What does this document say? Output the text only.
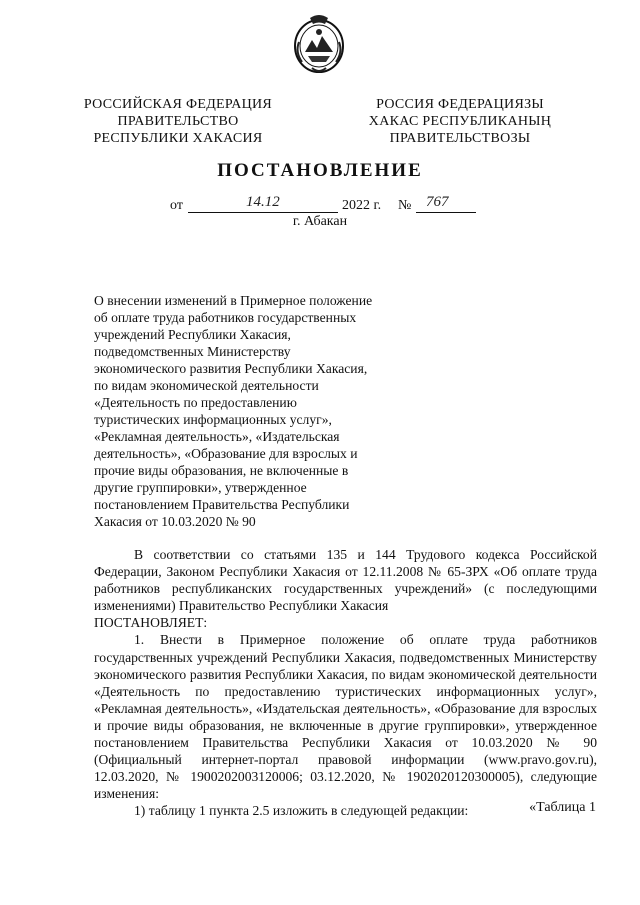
РОССИЙСКАЯ ФЕДЕРАЦИЯ
ПРАВИТЕЛЬСТВО
РЕСПУБЛИКИ ХАКАСИЯ
РОССИЯ ФЕДЕРАЦИЯЗЫ
ХАКАС РЕСПУБЛИКАНЫҢ
ПРАВИТЕЛЬСТВОЗЫ
ПОСТАНОВЛЕНИЕ
от	14.12	2022 г. № 767
г. Абакан
О внесении изменений в Примерное положение
об оплате труда работников государственных
учреждений Республики Хакасия,
подведомственных Министерству
экономического развития Республики Хакасия,
по видам экономической деятельности
«Деятельность по предоставлению
туристических информационных услуг»,
«Рекламная деятельность», «Издательская
деятельность», «Образование для взрослых и
прочие виды образования, не включенные в
другие группировки», утвержденное
постановлением Правительства Республики
Хакасия от 10.03.2020 № 90

В соответствии со статьями 135 и 144 Трудового кодекса Российской Федерации, Законом Республики Хакасия от 12.11.2008 № 65-ЗРХ «Об оплате труда работников республиканских государственных учреждений» (с последующими изменениями) Правительство Республики Хакасия

ПОСТАНОВЛЯЕТ:

1. Внести в Примерное положение об оплате труда работников государственных учреждений Республики Хакасия, подведомственных Министерству экономического развития Республики Хакасия, по видам экономической деятельности «Деятельность по предоставлению туристических информационных услуг», «Рекламная деятельность», «Издательская деятельность», «Образование для взрослых и прочие виды образования, не включенные в другие группировки», утвержденное постановлением Правительства Республики Хакасия от 10.03.2020 № 90 (Официальный интернет-портал правовой информации (www.pravo.gov.ru), 12.03.2020, № 1900202003120006; 03.12.2020, № 1902020120300005), следующие изменения:

1) таблицу 1 пункта 2.5 изложить в следующей редакции:	«Таблица 1
